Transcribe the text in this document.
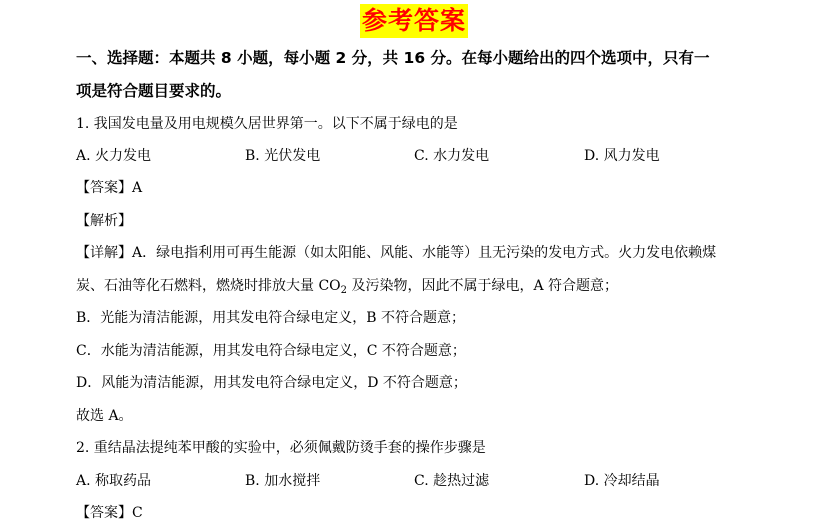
参考答案
一、选择题：本题共 8 小题，每小题 2 分，共 16 分。在每小题给出的四个选项中，只有一
项是符合题目要求的。
1. 我国发电量及用电规模久居世界第一。以下不属于绿电的是
A. 火力发电	B. 光伏发电	C. 水力发电	D. 风力发电
【答案】A
【解析】
【详解】A．绿电指利用可再生能源（如太阳能、风能、水能等）且无污染的发电方式。火力发电依赖煤
炭、石油等化石燃料，燃烧时排放大量 $CO_2$ 及污染物，因此不属于绿电，A 符合题意；
B．光能为清洁能源，用其发电符合绿电定义，B 不符合题意；
C．水能为清洁能源，用其发电符合绿电定义，C 不符合题意；
D．风能为清洁能源，用其发电符合绿电定义，D 不符合题意；
故选 A。
2. 重结晶法提纯苯甲酸的实验中，必须佩戴防烫手套的操作步骤是
A. 称取药品	B. 加水搅拌	C. 趁热过滤	D. 冷却结晶
【答案】C
